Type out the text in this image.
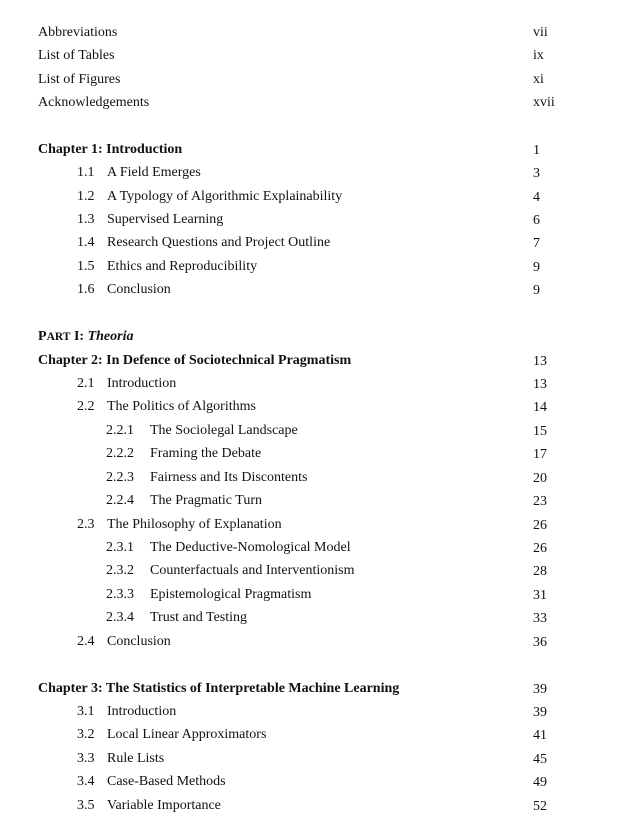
Abbreviations	vii
List of Tables	ix
List of Figures	xi
Acknowledgements	xvii
Chapter 1: Introduction	1
1.1 A Field Emerges	3
1.2 A Typology of Algorithmic Explainability	4
1.3 Supervised Learning	6
1.4 Research Questions and Project Outline	7
1.5 Ethics and Reproducibility	9
1.6 Conclusion	9
PART I: Theoria
Chapter 2: In Defence of Sociotechnical Pragmatism	13
2.1 Introduction	13
2.2 The Politics of Algorithms	14
2.2.1 The Sociolegal Landscape	15
2.2.2 Framing the Debate	17
2.2.3 Fairness and Its Discontents	20
2.2.4 The Pragmatic Turn	23
2.3 The Philosophy of Explanation	26
2.3.1 The Deductive-Nomological Model	26
2.3.2 Counterfactuals and Interventionism	28
2.3.3 Epistemological Pragmatism	31
2.3.4 Trust and Testing	33
2.4 Conclusion	36
Chapter 3: The Statistics of Interpretable Machine Learning	39
3.1 Introduction	39
3.2 Local Linear Approximators	41
3.3 Rule Lists	45
3.4 Case-Based Methods	49
3.5 Variable Importance	52
